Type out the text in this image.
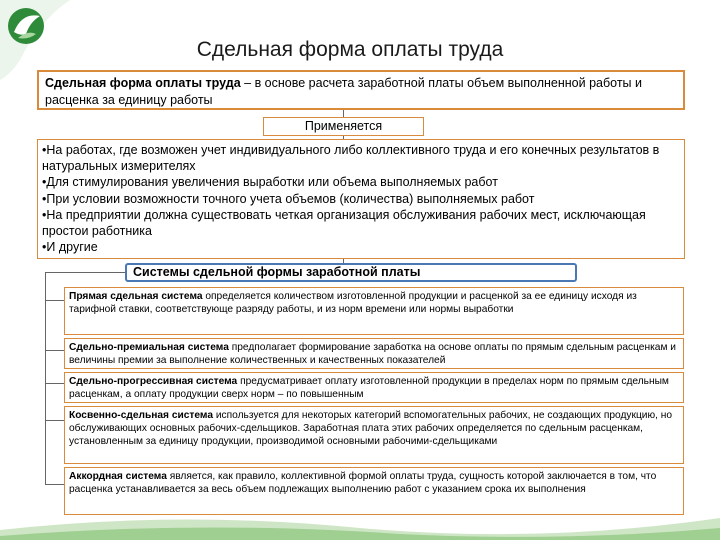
Сдельная форма оплаты труда
Сдельная форма оплаты труда – в основе расчета заработной платы объем выполненной работы и расценка за единицу работы
Применяется
•На работах, где возможен учет индивидуального либо коллективного труда и его конечных результатов в натуральных измерителях
•Для стимулирования увеличения выработки или объема выполняемых работ
•При условии возможности точного учета объемов (количества) выполняемых работ
•На предприятии должна существовать четкая организация обслуживания рабочих мест, исключающая простои работника
•И другие
Системы сдельной формы заработной платы
Прямая сдельная система определяется количеством изготовленной продукции и расценкой за ее единицу исходя из тарифной ставки, соответствующе разряду работы, и из норм времени или нормы выработки
Сдельно-премиальная система предполагает формирование заработка на основе оплаты по прямым сдельным расценкам и величины премии за выполнение количественных и качественных показателей
Сдельно-прогрессивная система предусматривает оплату изготовленной продукции в пределах норм по прямым сдельным расценкам, а оплату продукции сверх норм – по повышенным
Косвенно-сдельная система используется для некоторых категорий вспомогательных рабочих, не создающих продукцию, но обслуживающих основных рабочих-сдельщиков. Заработная плата этих рабочих определяется по сдельным расценкам, установленным за единицу продукции, производимой основными рабочими-сдельщиками
Аккордная система является, как правило, коллективной формой оплаты труда, сущность которой заключается в том, что расценка устанавливается за весь объем подлежащих выполнению работ с указанием срока их выполнения
